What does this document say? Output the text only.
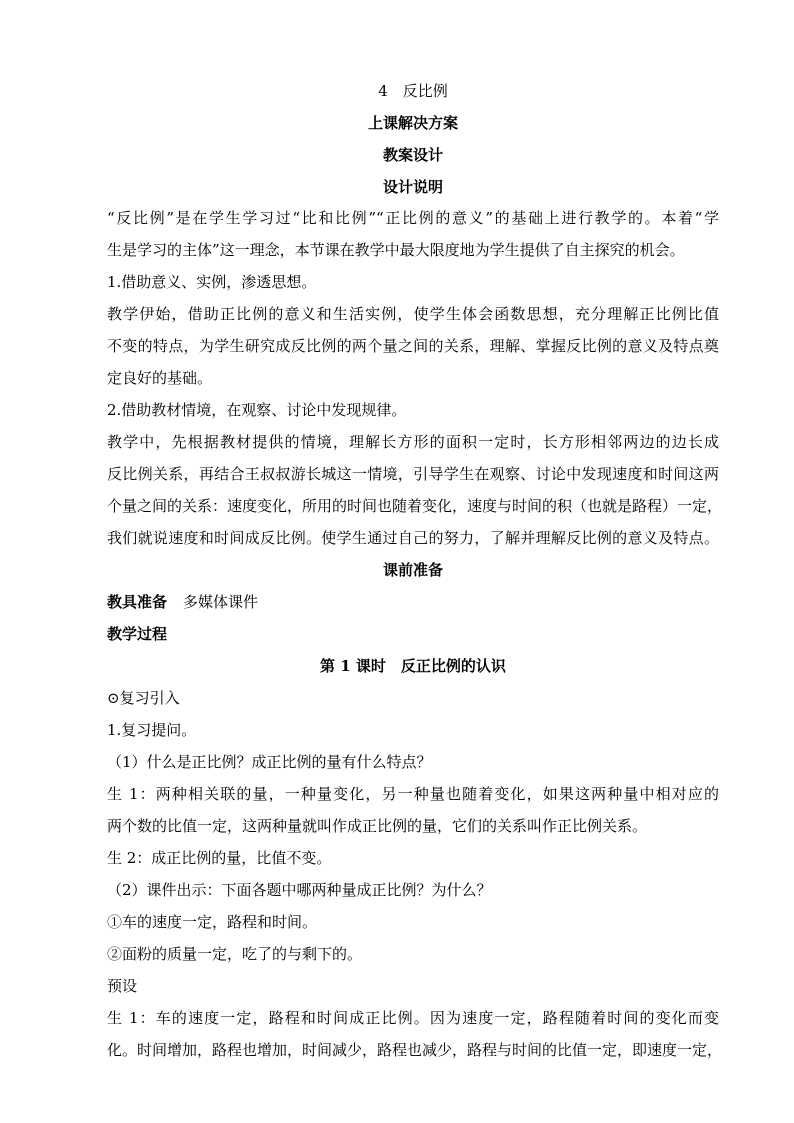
4　反比例
上课解决方案
教案设计
设计说明
“反比例”是在学生学习过“比和比例”“正比例的意义”的基础上进行教学的。本着“学
生是学习的主体”这一理念，本节课在教学中最大限度地为学生提供了自主探究的机会。
1.借助意义、实例，渗透思想。
教学伊始，借助正比例的意义和生活实例，使学生体会函数思想，充分理解正比例比值
不变的特点，为学生研究成反比例的两个量之间的关系，理解、掌握反比例的意义及特点奠
定良好的基础。
2.借助教材情境，在观察、讨论中发现规律。
教学中，先根据教材提供的情境，理解长方形的面积一定时，长方形相邻两边的边长成
反比例关系，再结合王叔叔游长城这一情境，引导学生在观察、讨论中发现速度和时间这两
个量之间的关系：速度变化，所用的时间也随着变化，速度与时间的积（也就是路程）一定，
我们就说速度和时间成反比例。使学生通过自己的努力，了解并理解反比例的意义及特点。
课前准备
教具准备 多媒体课件
教学过程
第 1 课时　反正比例的认识
⊙复习引入
1.复习提问。
（1）什么是正比例？成正比例的量有什么特点？
生 1：两种相关联的量，一种量变化，另一种量也随着变化，如果这两种量中相对应的
两个数的比值一定，这两种量就叫作成正比例的量，它们的关系叫作正比例关系。
生 2：成正比例的量，比值不变。
（2）课件出示：下面各题中哪两种量成正比例？为什么？
①车的速度一定，路程和时间。
②面粉的质量一定，吃了的与剩下的。
预设
生 1：车的速度一定，路程和时间成正比例。因为速度一定，路程随着时间的变化而变
化。时间增加，路程也增加，时间减少，路程也减少，路程与时间的比值一定，即速度一定，
